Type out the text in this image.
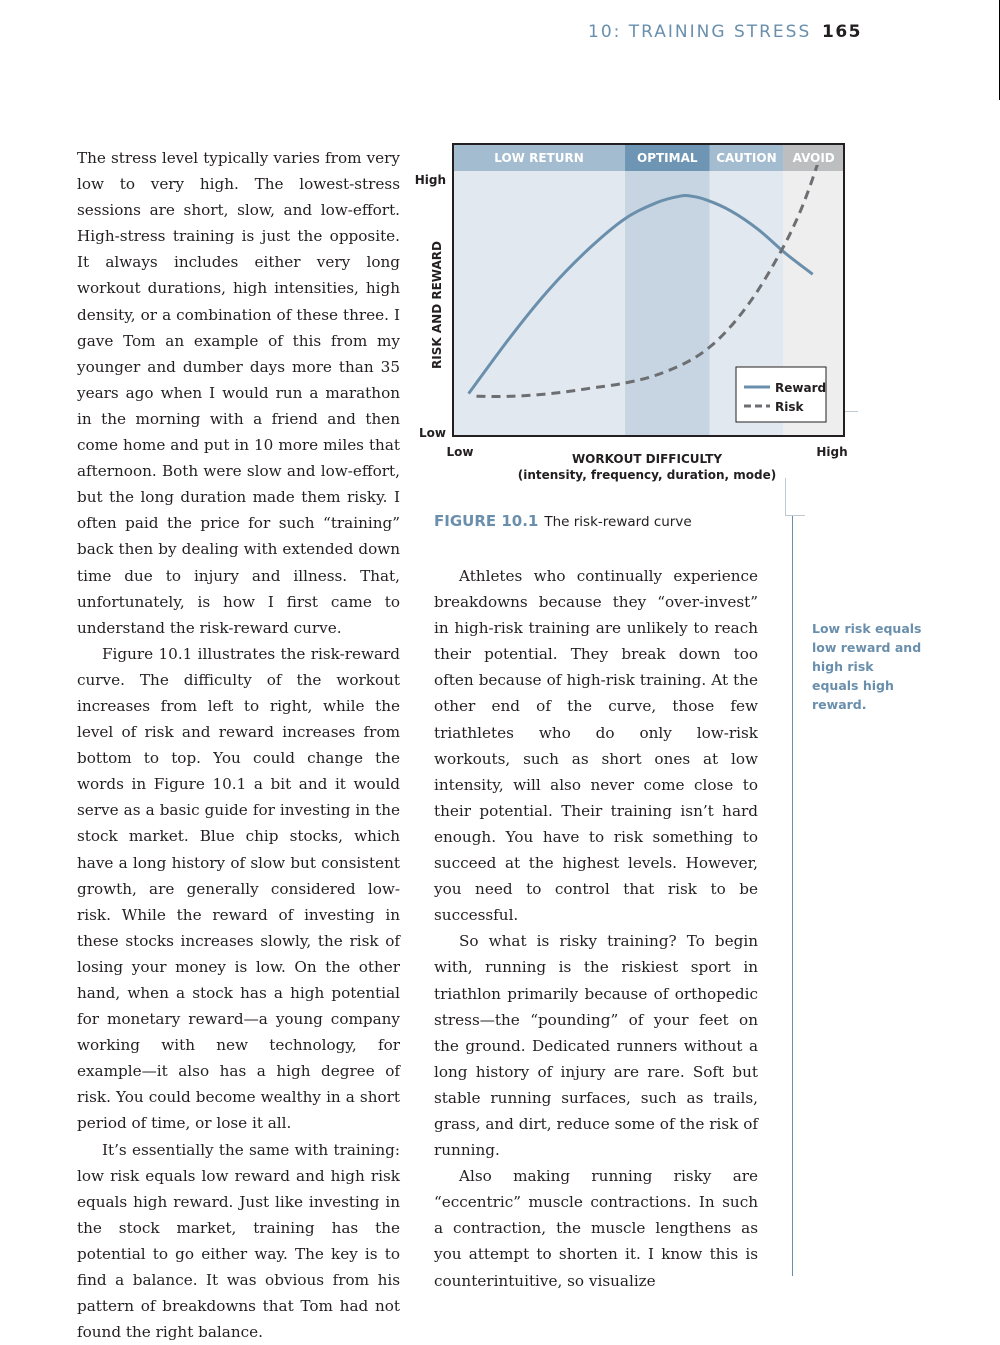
10: TRAINING STRESS 165

The stress level typically varies from very low to very high. The lowest-stress sessions are short, slow, and low-effort. High-stress training is just the opposite. It always includes either very long workout durations, high intensities, high density, or a combination of these three. I gave Tom an example of this from my younger and dumber days more than 35 years ago when I would run a marathon in the morning with a friend and then come home and put in 10 more miles that afternoon. Both were slow and low-effort, but the long duration made them risky. I often paid the price for such “training” back then by dealing with extended down time due to injury and illness. That, unfortunately, is how I first came to understand the risk-reward curve.

Figure 10.1 illustrates the risk-reward curve. The difficulty of the workout increases from left to right, while the level of risk and reward increases from bottom to top. You could change the words in Figure 10.1 a bit and it would serve as a basic guide for investing in the stock market. Blue chip stocks, which have a long history of slow but consistent growth, are generally considered low-risk. While the reward of investing in these stocks increases slowly, the risk of losing your money is low. On the other hand, when a stock has a high potential for monetary reward—a young company working with new technology, for example—it also has a high degree of risk. You could become wealthy in a short period of time, or lose it all.

It’s essentially the same with training: low risk equals low reward and high risk equals high reward. Just like investing in the stock market, training has the potential to go either way. The key is to find a balance. It was obvious from his pattern of breakdowns that Tom had not found the right balance.

LOW RETURN	OPTIMAL CAUTION AVOID
Reward
Risk
High
Low
RISK AND REWARD
Low	High
WORKOUT DIFFICULTY
(intensity, frequency, duration, mode)
FIGURE 10.1 The risk-reward curve

Athletes who continually experience breakdowns because they “over-invest” in high-risk training are unlikely to reach their potential. They break down too often because of high-risk training. At the other end of the curve, those few triathletes who do only low-risk workouts, such as short ones at low intensity, will also never come close to their potential. Their training isn’t hard enough. You have to risk something to succeed at the highest levels. However, you need to control that risk to be successful.

So what is risky training? To begin with, running is the riskiest sport in triathlon primarily because of orthopedic stress—the “pounding” of your feet on the ground. Dedicated runners without a long history of injury are rare. Soft but stable running surfaces, such as trails, grass, and dirt, reduce some of the risk of running.

Also making running risky are “eccentric” muscle contractions. In such a contraction, the muscle lengthens as you attempt to shorten it. I know this is counterintuitive, so visualize

Low risk equals low reward and high risk equals high reward.
